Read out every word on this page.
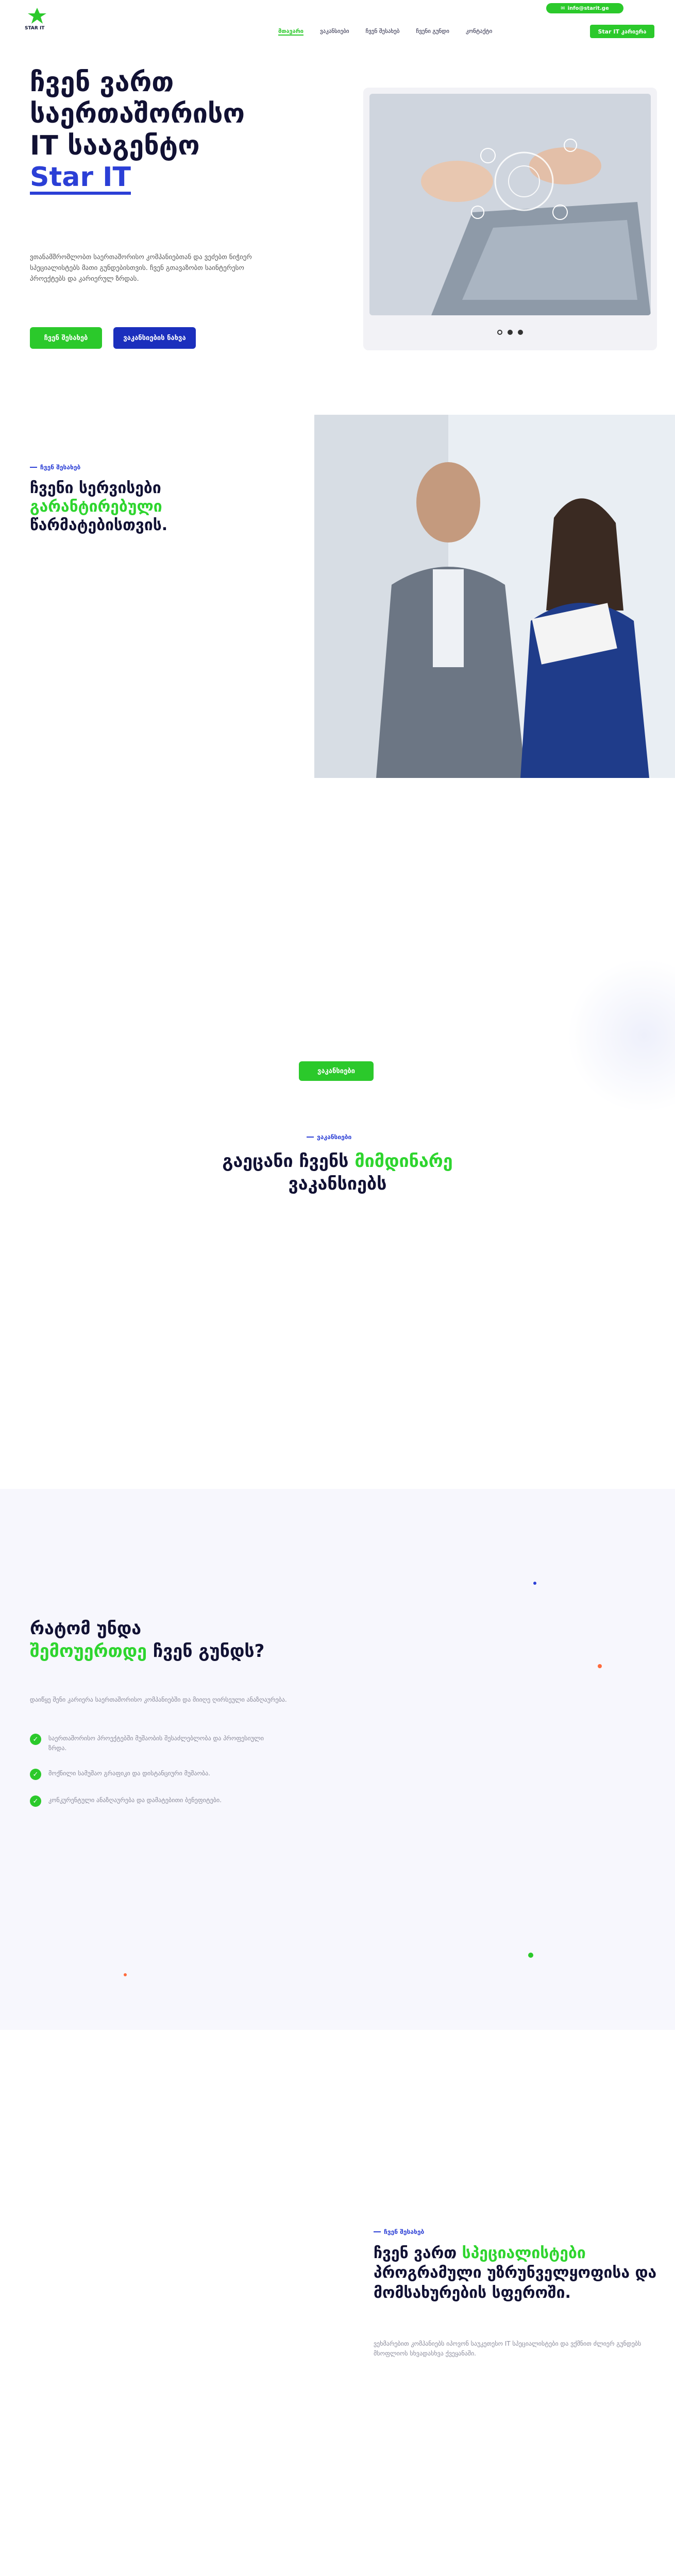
STAR IT
✉ info@starit.ge
მთავარი	ვაკანსიები	ჩვენ შესახებ	ჩვენი გუნდი	კონტაქტი	Star IT კარიერა
ჩვენ ვართ
საერთაშორისო
IT სააგენტო
Star IT
ვთანამშრომლობთ საერთაშორისო კომპანიებთან და ვეძებთ ნიჭიერ სპეციალისტებს მათი გუნდებისთვის. ჩვენ გთავაზობთ საინტერესო პროექტებს და კარიერულ ზრდას.
ჩვენ შესახებ	ვაკანსიების ნახვა
ჩვენ შესახებ
ჩვენი სერვისები
გარანტირებული
წარმატებისთვის.
ვაკანსიები
ვაკანსიები
გაეცანი ჩვენს მიმდინარე
ვაკანსიებს
რატომ უნდა
შემოუერთდე ჩვენ გუნდს?
დაიწყე შენი კარიერა საერთაშორისო კომპანიებში და მიიღე ღირსეული ანაზღაურება.
✓	საერთაშორისო პროექტებში მუშაობის შესაძლებლობა და პროფესიული ზრდა.
✓	მოქნილი სამუშაო გრაფიკი და დისტანციური მუშაობა.
✓	კონკურენტული ანაზღაურება და დამატებითი ბენეფიტები.
ჩვენ შესახებ
ჩვენ ვართ სპეციალისტები
პროგრამული უზრუნველყოფისა და მომსახურების სფეროში.
ვეხმარებით კომპანიებს იპოვონ საუკეთესო IT სპეციალისტები და ვქმნით ძლიერ გუნდებს მსოფლიოს სხვადასხვა ქვეყანაში.
